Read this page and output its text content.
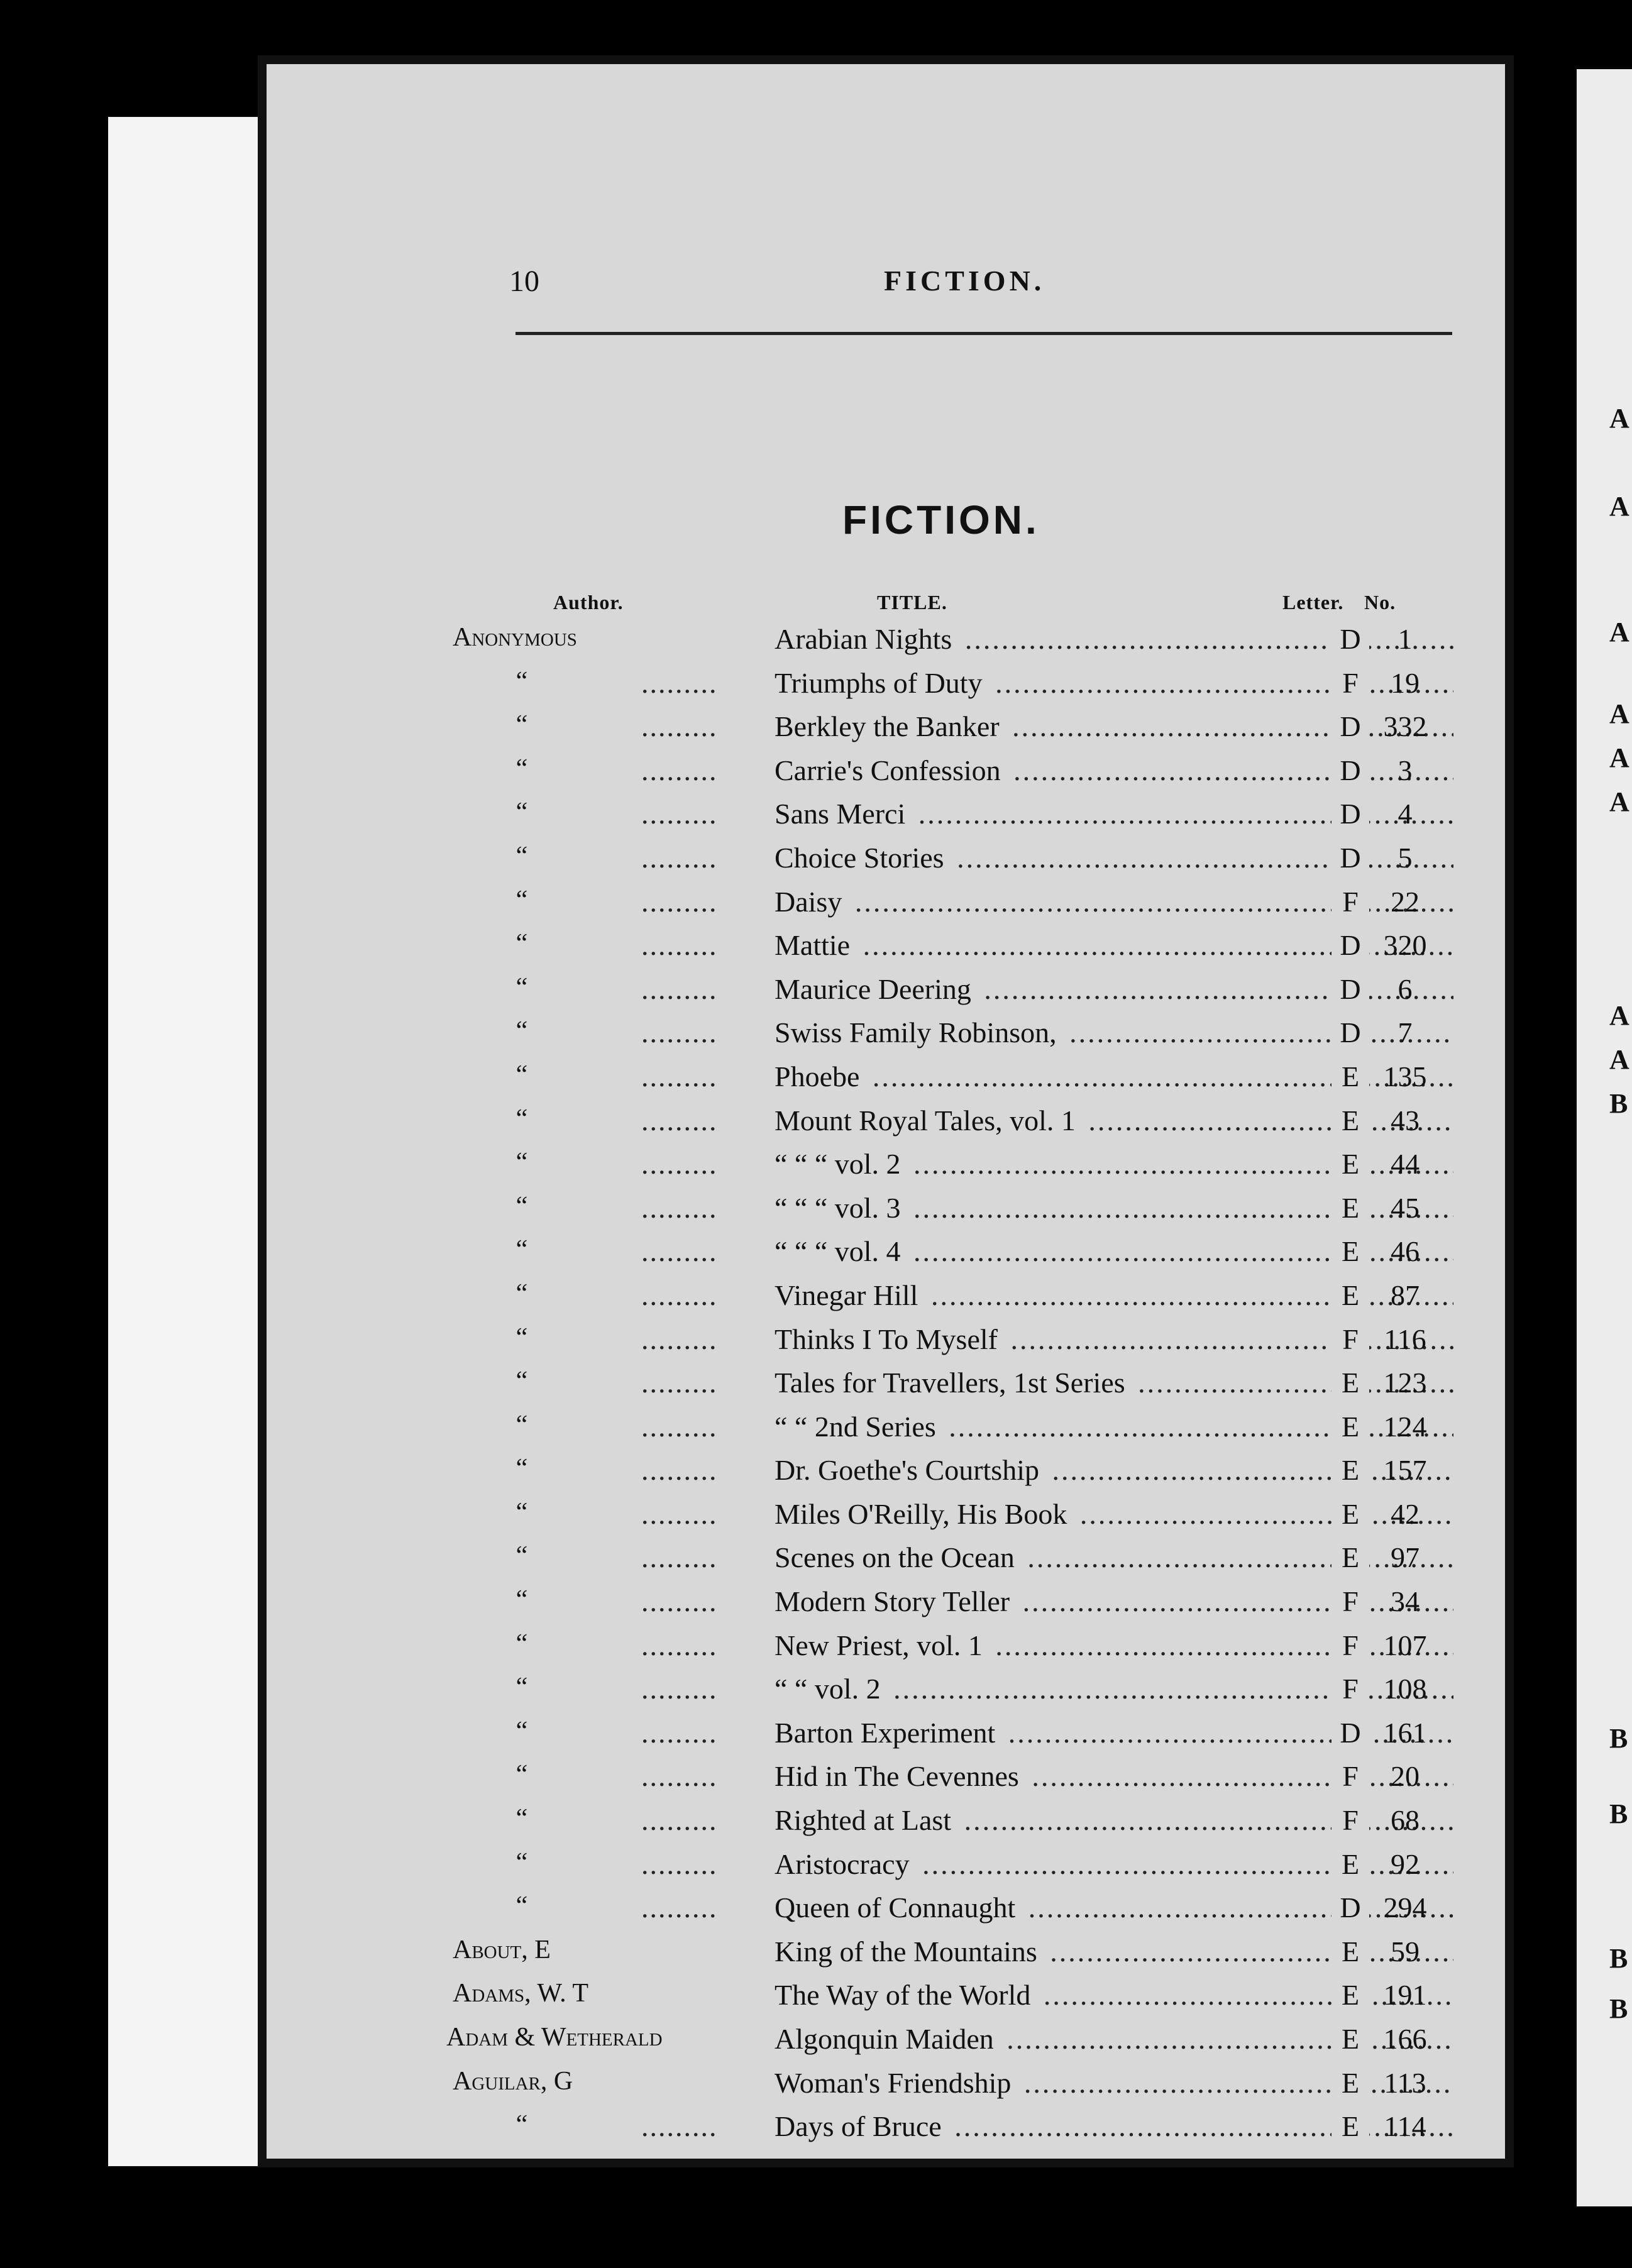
A
A
A
A
A
A
A
A
B
B
B
B
B
10	FICTION.
FICTION.
Author.	TITLE.	Letter. No.
Anonymous	Arabian Nights .....	D	1
“	.........	Triumphs of Duty .....	F	19
“	.........	Berkley the Banker .....	D 332
“	.........	Carrie's Confession .....	D	3
“	.........	Sans Merci .....	D	4
“	.........	Choice Stories .....	D	5
“	.........	Daisy .....	F	22
“	.........	Mattie .....	D 320
“	.........	Maurice Deering .....	D	6
“	.........	Swiss Family Robinson, .....	D	7
“	.........	Phoebe .....	E 135
“	.........	Mount Royal Tales, vol. 1 .....	E	43
“	.........	“ “ “ vol. 2 .....	E	44
“	.........	“ “ “ vol. 3 .....	E	45
“	.........	“ “ “ vol. 4 .....	E	46
“	.........	Vinegar Hill .....	E	87
“	.........	Thinks I To Myself .....	F 116
“	.........	Tales for Travellers, 1st Series .....	E 123
“	.........	“ “ 2nd Series .....	E 124
“	.........	Dr. Goethe's Courtship .....	E 157
“	.........	Miles O'Reilly, His Book .....	E	42
“	.........	Scenes on the Ocean .....	E	97
“	.........	Modern Story Teller .....	F	34
“	.........	New Priest, vol. 1 .....	F 107
“	.........	“ “ vol. 2 .....	F 108
“	.........	Barton Experiment .....	D 161
“	.........	Hid in The Cevennes .....	F	20
“	.........	Righted at Last .....	F	68
“	.........	Aristocracy .....	E	92
“	.........	Queen of Connaught .....	D 294
About, E	King of the Mountains .....	E	59
Adams, W. T	The Way of the World .....	E 191
Adam & Wetherald	Algonquin Maiden .....	E 166
Aguilar, G	Woman's Friendship .....	E 113
“	.........	Days of Bruce .....	E 114
